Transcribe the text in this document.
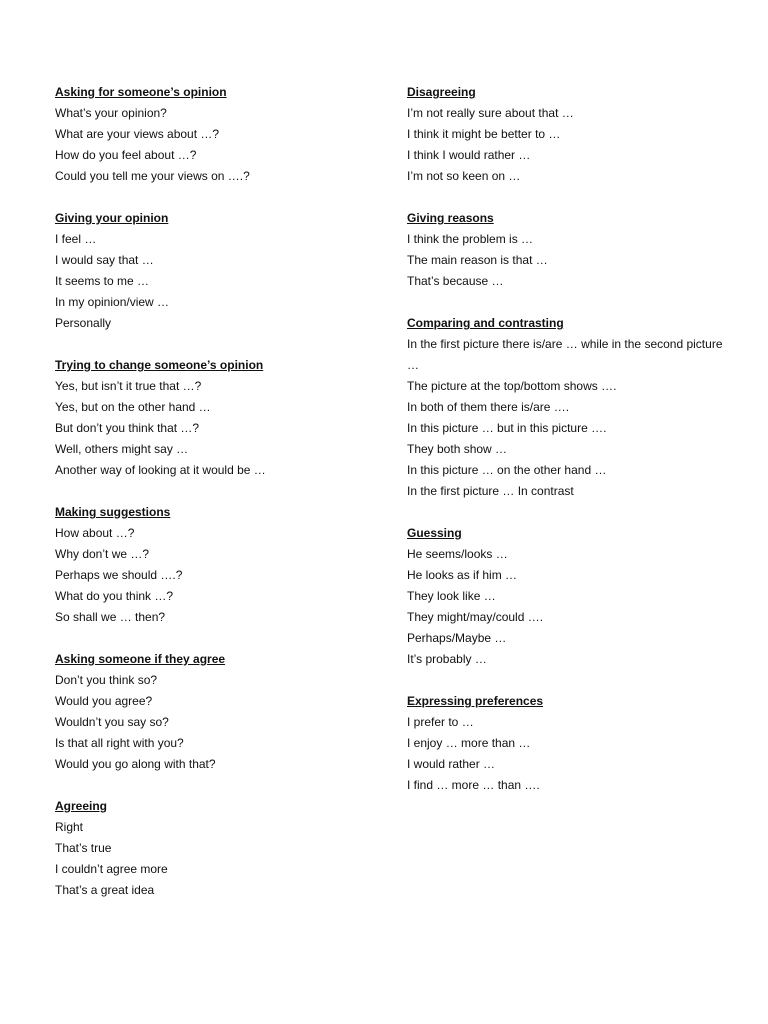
Asking for someone’s opinion
What’s your opinion?
What are your views about …?
How do you feel about …?
Could you tell me your views on ….?
Giving your opinion
I feel …
I would say that …
It seems to me …
In my opinion/view …
Personally
Trying to change someone’s opinion
Yes, but isn’t it true that …?
Yes, but on the other hand …
But don’t you think that …?
Well, others might say …
Another way of looking at it would be …
Making suggestions
How about …?
Why don’t we …?
Perhaps we should ….?
What do you think …?
So shall we … then?
Asking someone if they agree
Don’t you think so?
Would you agree?
Wouldn’t you say so?
Is that all right with you?
Would you go along with that?
Agreeing
Right
That’s true
I couldn’t agree more
That’s a great idea
Disagreeing
I’m not really sure about that …
I think it might be better to …
I think I would rather …
I’m not so keen on …
Giving reasons
I think the problem is …
The main reason is that …
That’s because …
Comparing and contrasting
In the first picture there is/are … while in the second picture …
The picture at the top/bottom shows ….
In both of them there is/are ….
In this picture … but in this picture ….
They both show …
In this picture … on the other hand …
In the first picture … In contrast
Guessing
He seems/looks …
He looks as if him …
They look like …
They might/may/could ….
Perhaps/Maybe …
It’s probably …
Expressing preferences
I prefer to …
I enjoy … more than …
I would rather …
I find … more … than ….
